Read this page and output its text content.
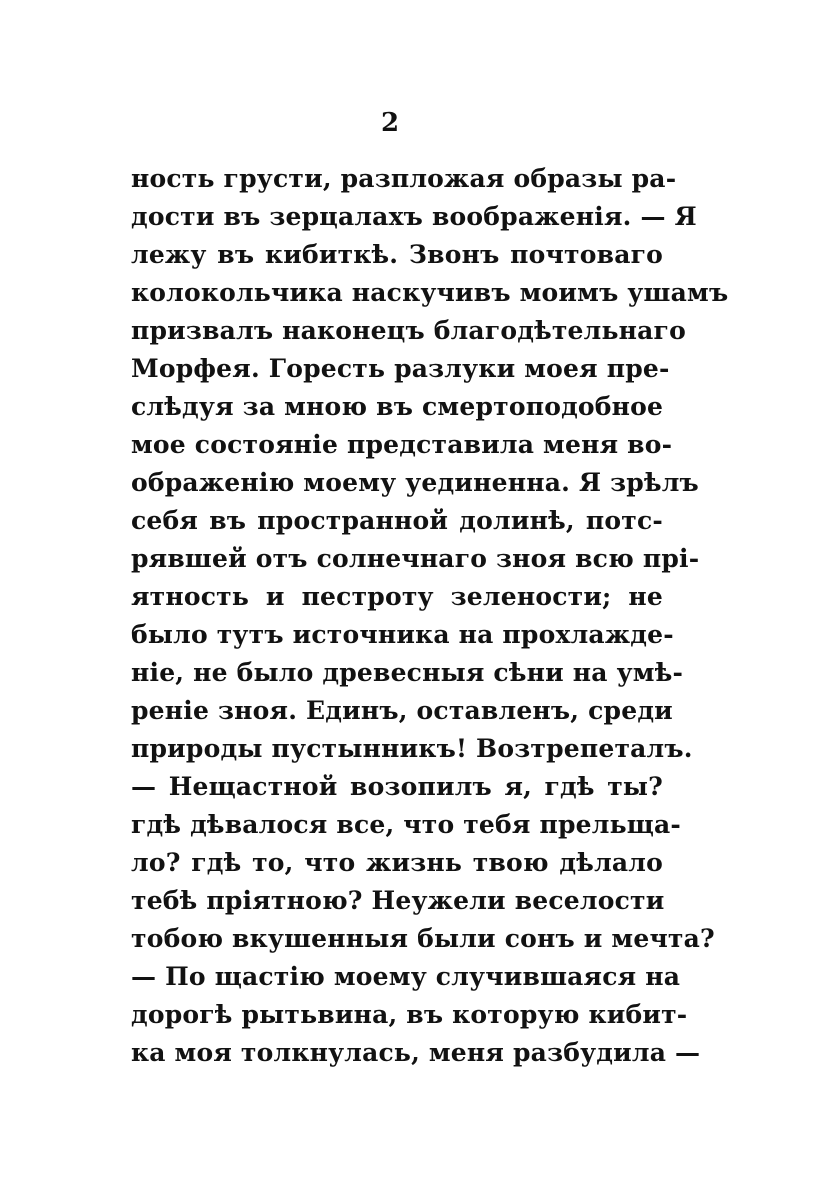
2
ность грусти, разпложая образы ра-
дости въ зерцалахъ воображенія. — Я
лежу въ кибиткѣ. Звонъ почтоваго
колокольчика наскучивъ моимъ ушамъ
призвалъ наконецъ благодѣтельнаго
Морфея. Горесть разлуки моея пре-
слѣдуя за мною въ смертоподобное
мое состояніе представила меня во-
ображенію моему уединенна. Я зрѣлъ
себя въ пространной долинѣ, потс-
рявшей отъ солнечнаго зноя всю прі-
ятность и пестроту зелености; не
было тутъ источника на прохлажде-
ніе, не было древесныя сѣни на умѣ-
реніе зноя. Единъ, оставленъ, среди
природы пустынникъ! Возтрепеталъ.
— Нещастной возопилъ я, гдѣ ты?
гдѣ дѣвалося все, что тебя прельща-
ло? гдѣ то, что жизнь твою дѣлало
тебѣ пріятною? Неужели веселости
тобою вкушенныя были сонъ и мечта?
— По щастію моему случившаяся на
дорогѣ рытьвина, въ которую кибит-
ка моя толкнулась, меня разбудила —
